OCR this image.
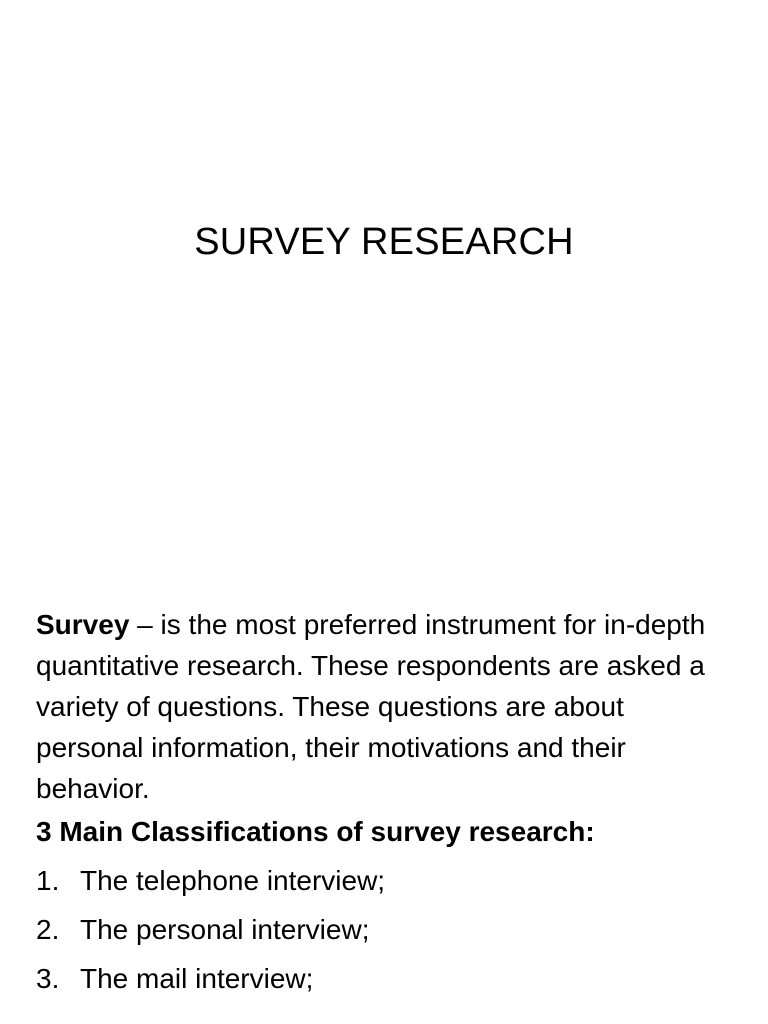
SURVEY RESEARCH

Survey – is the most preferred instrument for in-depth quantitative research. These respondents are asked a variety of questions. These questions are about personal information, their motivations and their behavior.

3 Main Classifications of survey research:

1. The telephone interview;
2. The personal interview;
3. The mail interview;
